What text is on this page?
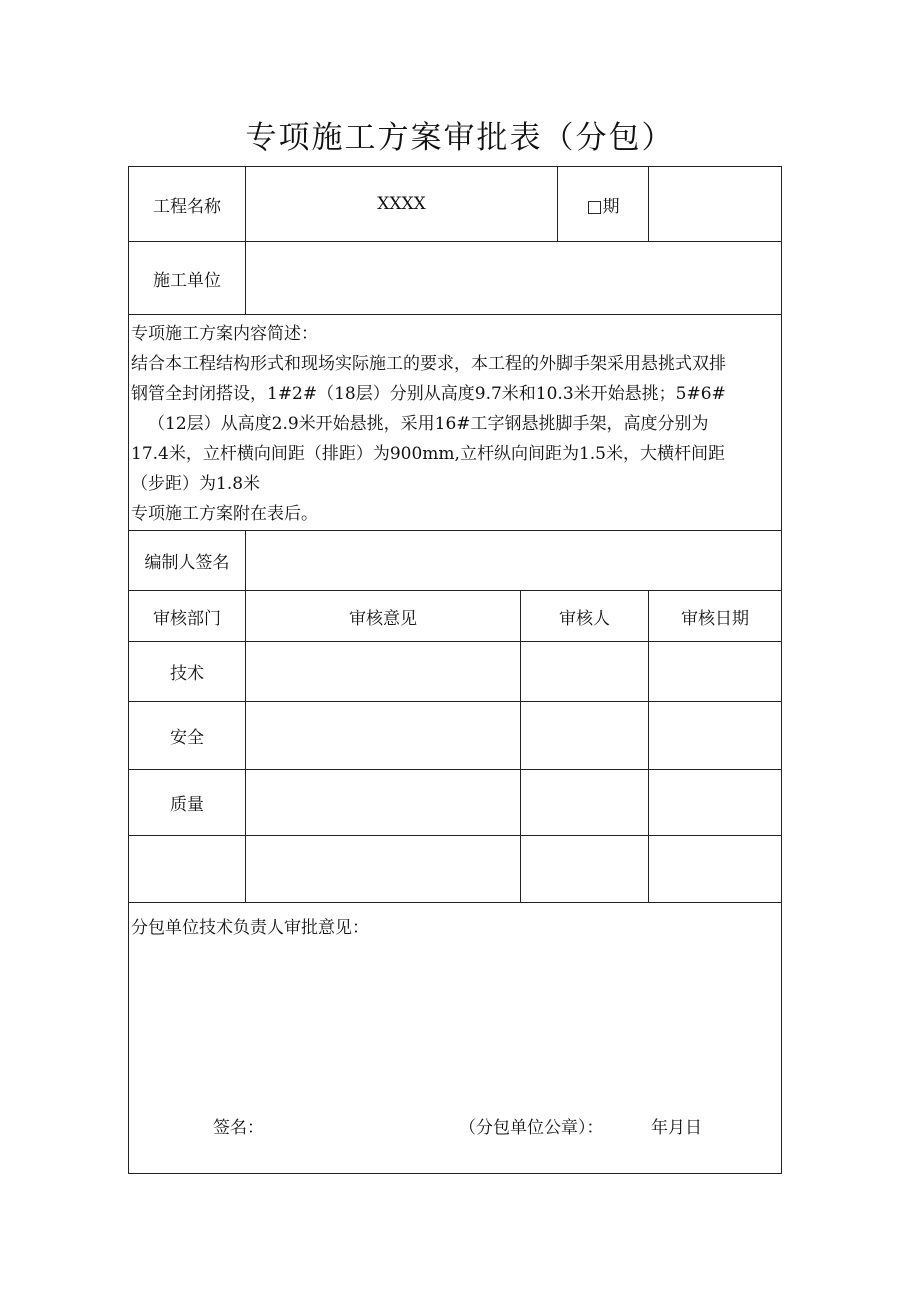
专项施工方案审批表（分包）
工程名称	XXXX	□期
施工单位

专项施工方案内容简述：

结合本工程结构形式和现场实际施工的要求，本工程的外脚手架采用悬挑式双排

钢管全封闭搭设，1#2#（18层）分别从高度9.7米和10.3米开始悬挑；5#6#

（12层）从高度2.9米开始悬挑，采用16#工字钢悬挑脚手架，高度分别为

17.4米，立杆横向间距（排距）为900mm,立杆纵向间距为1.5米，大横杆间距

（步距）为1.8米

专项施工方案附在表后。

编制人签名
审核部门	审核意见	审核人	审核日期
技术
安全
质量
分包单位技术负责人审批意见：
签名：	（分包单位公章）：	年月日
